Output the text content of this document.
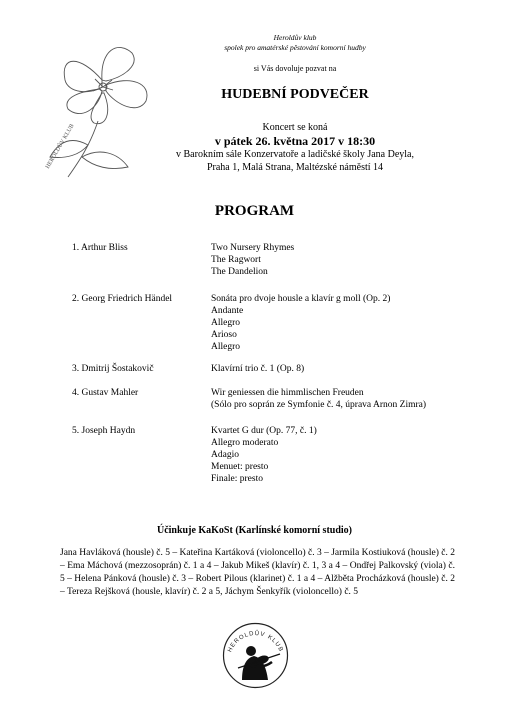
HEROLDŮV KLUB
Heroldův klub
spolek pro amatérské pěstování komorní hudby
si Vás dovoluje pozvat na
HUDEBNÍ PODVEČER
Koncert se koná
v pátek 26. května 2017 v 18:30
v Barokním sále Konzervatoře a ladičské školy Jana Deyla,
Praha 1, Malá Strana, Maltézské náměstí 14
PROGRAM
1. Arthur Bliss	Two Nursery Rhymes
The Ragwort
The Dandelion
2. Georg Friedrich Händel	Sonáta pro dvoje housle a klavír g moll (Op. 2)
Andante
Allegro
Arioso
Allegro
3. Dmitrij Šostakovič	Klavírní trio č. 1 (Op. 8)
4. Gustav Mahler	Wir geniessen die himmlischen Freuden
(Sólo pro soprán ze Symfonie č. 4, úprava Arnon Zimra)
5. Joseph Haydn	Kvartet G dur (Op. 77, č. 1)
Allegro moderato
Adagio
Menuet: presto
Finale: presto
Účinkuje KaKoSt (Karlínské komorní studio)
Jana Havláková (housle) č. 5 – Kateřina Kartáková (violoncello) č. 3 – Jarmila Kostiuková (housle) č. 2 – Ema Máchová (mezzosoprán) č. 1 a 4 – Jakub Mikeš (klavír) č. 1, 3 a 4 – Ondřej Palkovský (viola) č. 5 – Helena Pánková (housle) č. 3 – Robert Pilous (klarinet) č. 1 a 4 – Alžběta Procházková (housle) č. 2 – Tereza Rejšková (housle, klavír) č. 2 a 5, Jáchym Šenkyřík (violoncello) č. 5
HEROLDŮV KLUB
